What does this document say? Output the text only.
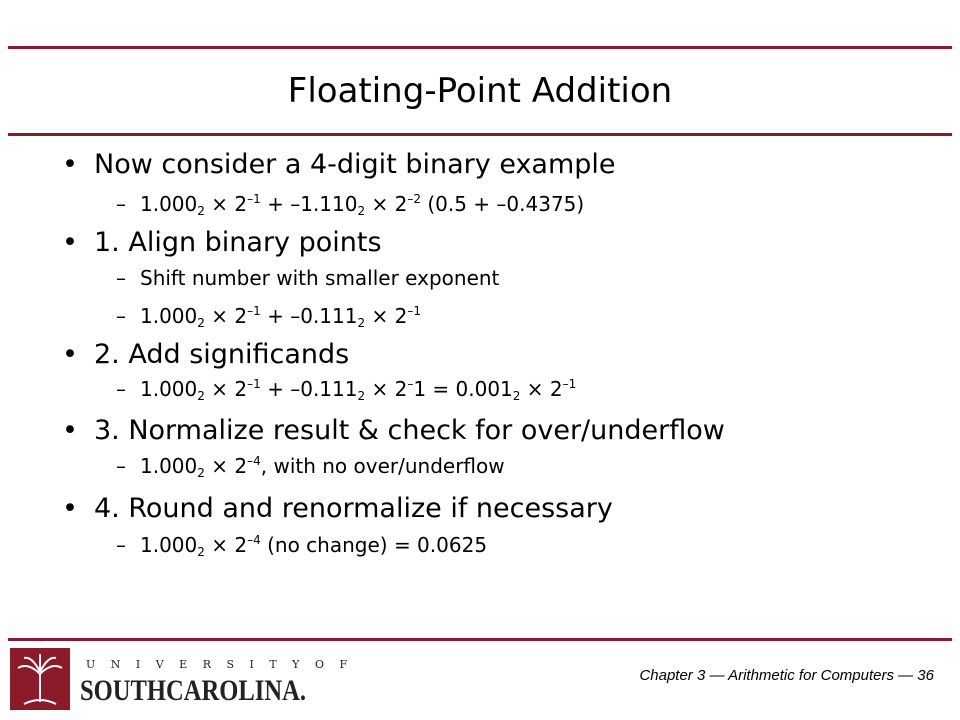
Floating-Point Addition
• Now consider a 4-digit binary example
– $1.000_2 \times 2^{-1} + -1.110_2 \times 2^{-2}$ (0.5 + –0.4375)
• 1. Align binary points
– Shift number with smaller exponent
– $1.000_2 \times 2^{-1} + -0.111_2 \times 2^{-1}$
• 2. Add significands
– $1.000_2 \times 2^{-1} + -0.111_2 \times 2^-1 = 0.001_2 \times 2^{-1}$
• 3. Normalize result & check for over/underflow
– $1.000_2 \times 2^{-4}$, with no over/underflow
• 4. Round and renormalize if necessary
– $1.000_2 \times 2^{-4}$ (no change) = 0.0625
U N I V E R S I T Y O F
SOUTHCAROLINA.	Chapter 3 — Arithmetic for Computers — 36
